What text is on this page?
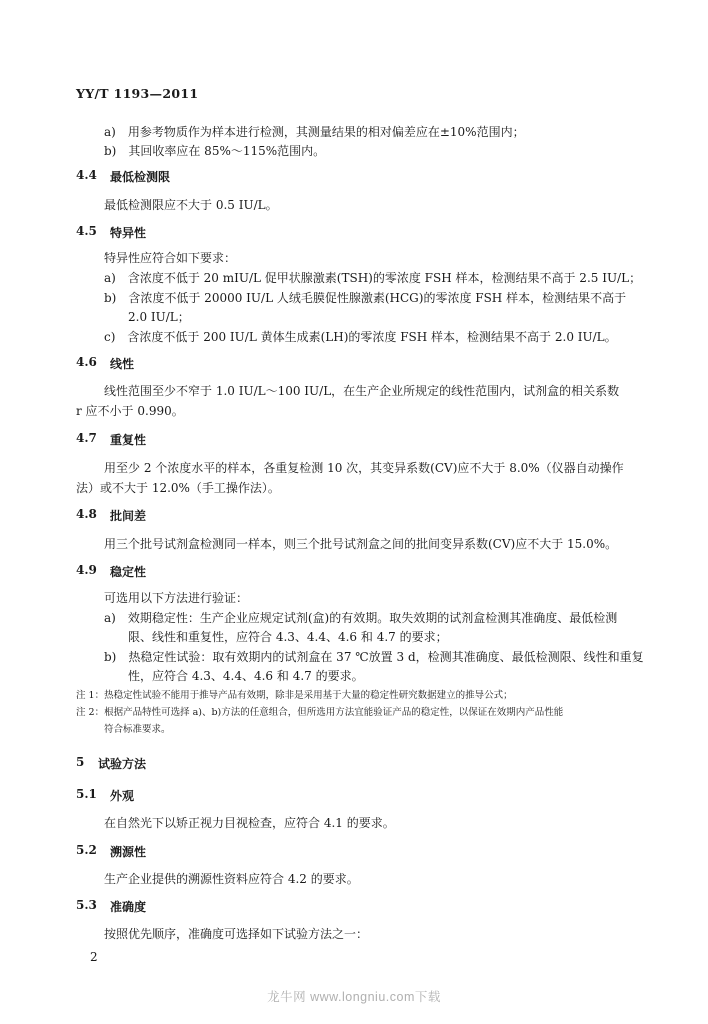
YY/T 1193—2011
a)　用参考物质作为样本进行检测，其测量结果的相对偏差应在±10%范围内；
b)　其回收率应在 85%～115%范围内。
4.4 最低检测限
最低检测限应不大于 0.5 IU/L。
4.5 特异性
特异性应符合如下要求：
a)　含浓度不低于 20 mIU/L 促甲状腺激素(TSH)的零浓度 FSH 样本，检测结果不高于 2.5 IU/L；
b)　含浓度不低于 20000 IU/L 人绒毛膜促性腺激素(HCG)的零浓度 FSH 样本，检测结果不高于
2.0 IU/L；
c)　含浓度不低于 200 IU/L 黄体生成素(LH)的零浓度 FSH 样本，检测结果不高于 2.0 IU/L。
4.6 线性
线性范围至少不窄于 1.0 IU/L～100 IU/L，在生产企业所规定的线性范围内，试剂盒的相关系数
r 应不小于 0.990。
4.7 重复性
用至少 2 个浓度水平的样本，各重复检测 10 次，其变异系数(CV)应不大于 8.0%（仪器自动操作
法）或不大于 12.0%（手工操作法）。
4.8 批间差
用三个批号试剂盒检测同一样本，则三个批号试剂盒之间的批间变异系数(CV)应不大于 15.0%。
4.9 稳定性
可选用以下方法进行验证：
a)　效期稳定性：生产企业应规定试剂(盒)的有效期。取失效期的试剂盒检测其准确度、最低检测
限、线性和重复性，应符合 4.3、4.4、4.6 和 4.7 的要求；
b)　热稳定性试验：取有效期内的试剂盒在 37 ℃放置 3 d，检测其准确度、最低检测限、线性和重复
性，应符合 4.3、4.4、4.6 和 4.7 的要求。
注 1：热稳定性试验不能用于推导产品有效期，除非是采用基于大量的稳定性研究数据建立的推导公式；
注 2：根据产品特性可选择 a)、b)方法的任意组合，但所选用方法宜能验证产品的稳定性，以保证在效期内产品性能
符合标准要求。
5 试验方法
5.1 外观
在自然光下以矫正视力目视检查，应符合 4.1 的要求。
5.2 溯源性
生产企业提供的溯源性资料应符合 4.2 的要求。
5.3 准确度
按照优先顺序，准确度可选择如下试验方法之一：
2
龙牛网 www.longniu.com下载
